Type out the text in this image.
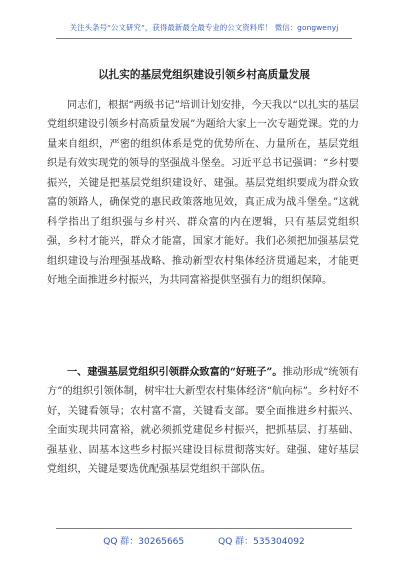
关注头条号“公文研究”，获得最新最全最专业的公文资料库！ 微信：gongwenyj
以扎实的基层党组织建设引领乡村高质量发展

同志们，根据“两级书记”培训计划安排，今天我以“以扎实的基层党组织建设引领乡村高质量发展”为题给大家上一次专题党课。党的力量来自组织，严密的组织体系是党的优势所在、力量所在，基层党组织是有效实现党的领导的坚强战斗堡垒。习近平总书记强调：“乡村要振兴，关键是把基层党组织建设好、建强。基层党组织要成为群众致富的领路人，确保党的惠民政策落地见效，真正成为战斗堡垒。”这就科学指出了组织强与乡村兴、群众富的内在逻辑，只有基层党组织强，乡村才能兴，群众才能富，国家才能好。我们必须把加强基层党组织建设与治理强基战略、推动新型农村集体经济贯通起来，才能更好地全面推进乡村振兴，为共同富裕提供坚强有力的组织保障。

一、建强基层党组织引领群众致富的“好班子”。推动形成“统领有方”的组织引领体制，树牢壮大新型农村集体经济“航向标”。乡村好不好，关键看领导；农村富不富，关键看支部。要全面推进乡村振兴、全面实现共同富裕，就必须抓党建促乡村振兴，把抓基层、打基础、强基业、固基本这些乡村振兴建设目标贯彻落实好。建强、建好基层党组织，关键是要选优配强基层党组织干部队伍。

QQ 群：30265665	QQ 群：535304092
